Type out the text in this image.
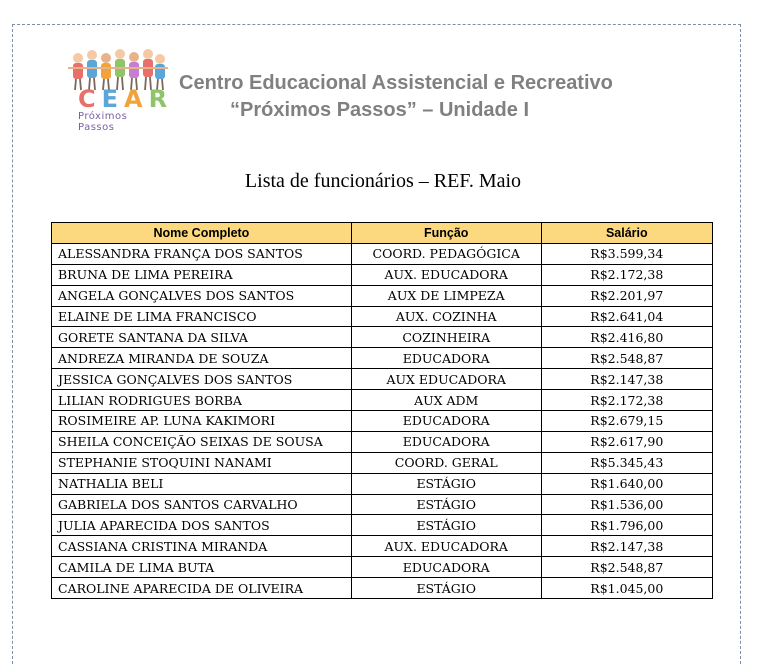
CEAR
Próximos Passos
Centro Educacional Assistencial e Recreativo
“Próximos Passos” – Unidade I
Lista de funcionários – REF. Maio
Nome Completo	Função	Salário
ALESSANDRA FRANÇA DOS SANTOS	COORD. PEDAGÓGICA	R$3.599,34
BRUNA DE LIMA PEREIRA	AUX. EDUCADORA	R$2.172,38
ANGELA GONÇALVES DOS SANTOS	AUX DE LIMPEZA	R$2.201,97
ELAINE DE LIMA FRANCISCO	AUX. COZINHA	R$2.641,04
GORETE SANTANA DA SILVA	COZINHEIRA	R$2.416,80
ANDREZA MIRANDA DE SOUZA	EDUCADORA	R$2.548,87
JESSICA GONÇALVES DOS SANTOS	AUX EDUCADORA	R$2.147,38
LILIAN RODRIGUES BORBA	AUX ADM	R$2.172,38
ROSIMEIRE AP. LUNA KAKIMORI	EDUCADORA	R$2.679,15
SHEILA CONCEIÇÃO SEIXAS DE SOUSA	EDUCADORA	R$2.617,90
STEPHANIE STOQUINI NANAMI	COORD. GERAL	R$5.345,43
NATHALIA BELI	ESTÁGIO	R$1.640,00
GABRIELA DOS SANTOS CARVALHO	ESTÁGIO	R$1.536,00
JULIA APARECIDA DOS SANTOS	ESTÁGIO	R$1.796,00
CASSIANA CRISTINA MIRANDA	AUX. EDUCADORA	R$2.147,38
CAMILA DE LIMA BUTA	EDUCADORA	R$2.548,87
CAROLINE APARECIDA DE OLIVEIRA	ESTÁGIO	R$1.045,00
